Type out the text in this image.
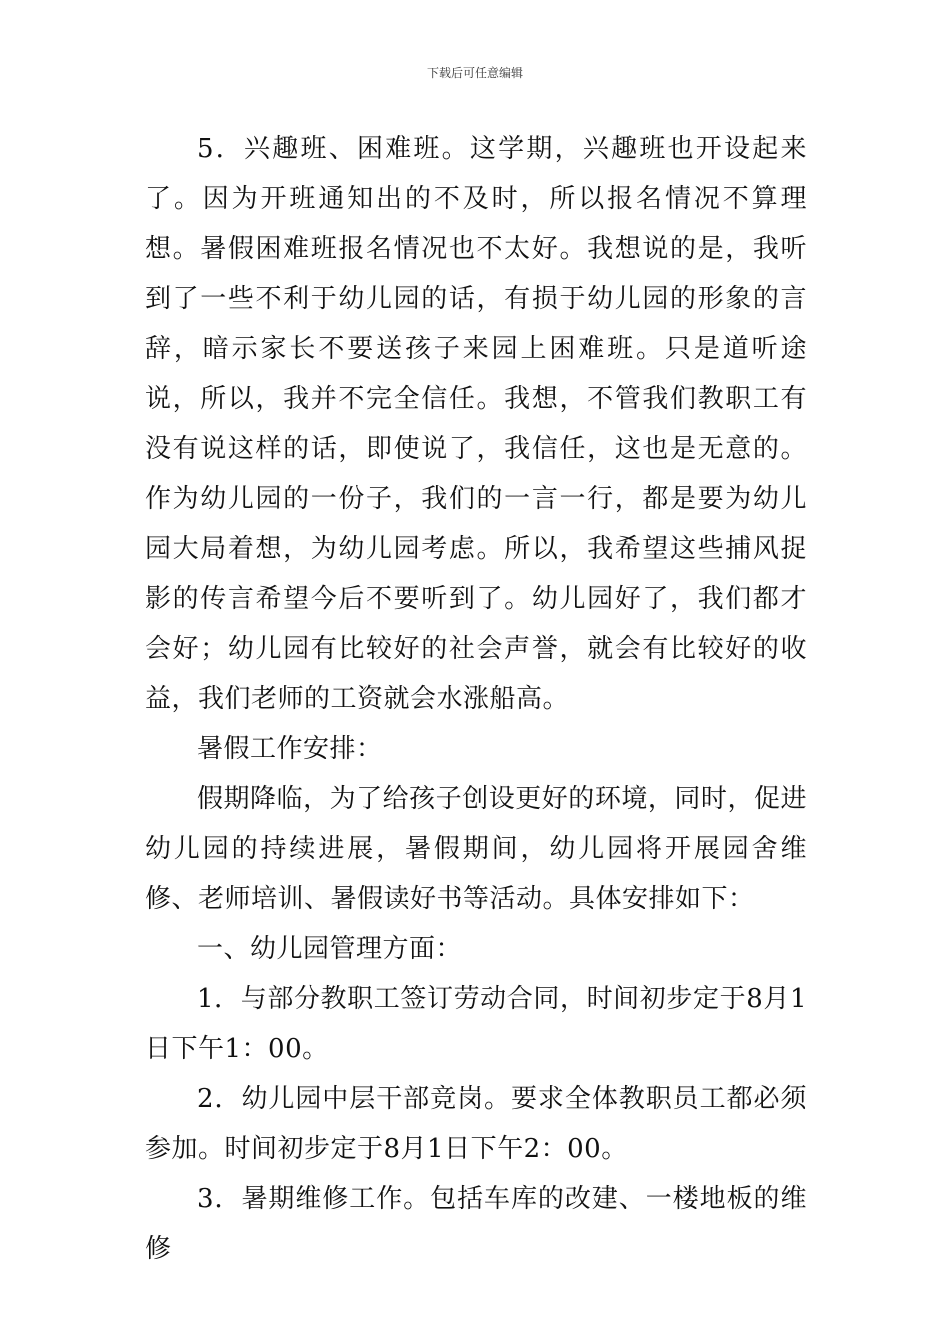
下载后可任意编辑

5．兴趣班、困难班。这学期，兴趣班也开设起来了。因为开班通知出的不及时，所以报名情况不算理想。暑假困难班报名情况也不太好。我想说的是，我听到了一些不利于幼儿园的话，有损于幼儿园的形象的言辞，暗示家长不要送孩子来园上困难班。只是道听途说，所以，我并不完全信任。我想，不管我们教职工有没有说这样的话，即使说了，我信任，这也是无意的。作为幼儿园的一份子，我们的一言一行，都是要为幼儿园大局着想，为幼儿园考虑。所以，我希望这些捕风捉影的传言希望今后不要听到了。幼儿园好了，我们都才会好；幼儿园有比较好的社会声誉，就会有比较好的收益，我们老师的工资就会水涨船高。

暑假工作安排：

假期降临，为了给孩子创设更好的环境，同时，促进幼儿园的持续进展，暑假期间，幼儿园将开展园舍维修、老师培训、暑假读好书等活动。具体安排如下：

一、幼儿园管理方面：

1．与部分教职工签订劳动合同，时间初步定于8月1日下午1：00。

2．幼儿园中层干部竞岗。要求全体教职员工都必须参加。时间初步定于8月1日下午2：00。

3．暑期维修工作。包括车库的改建、一楼地板的维修
